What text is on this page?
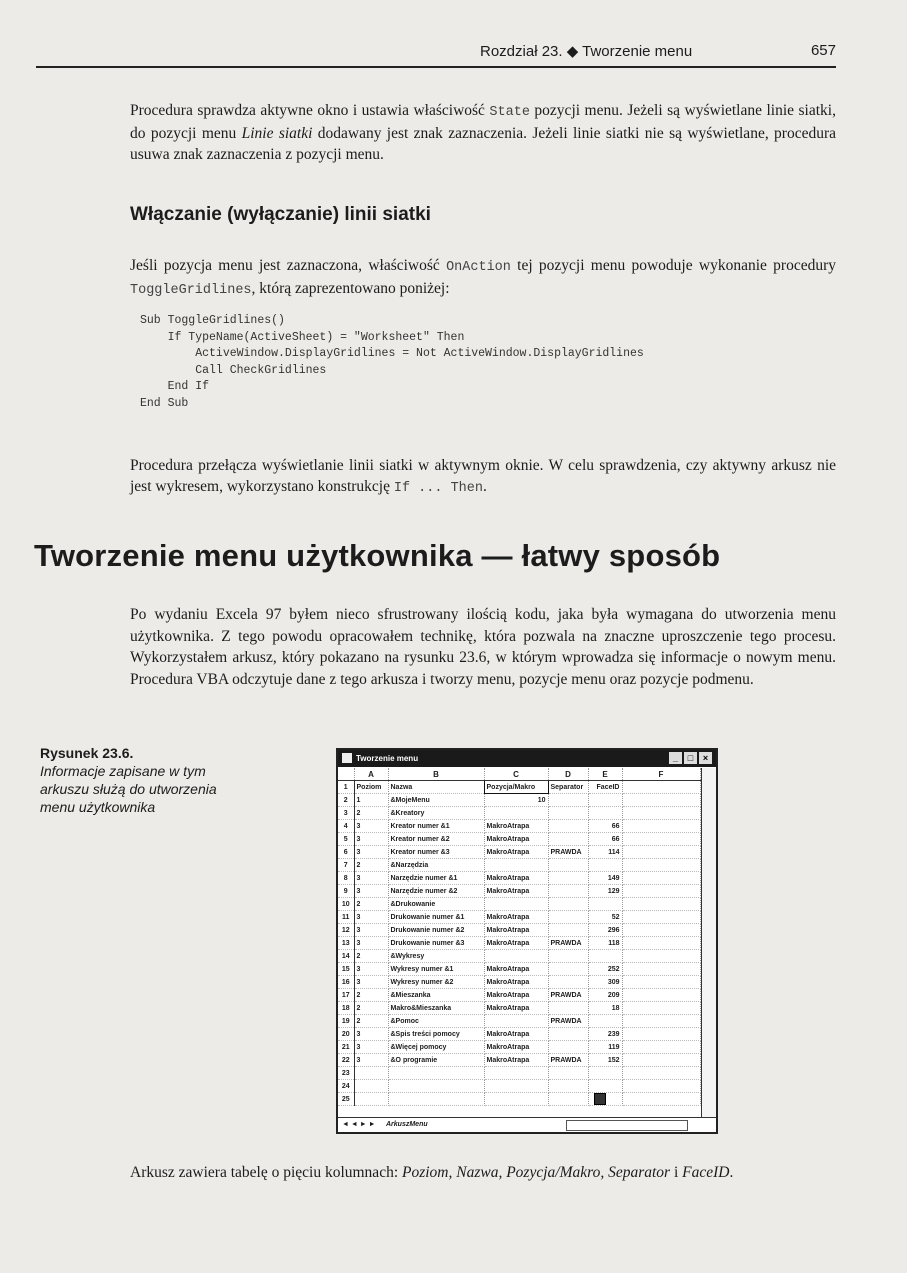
Rozdział 23. ◆ Tworzenie menu	657

Procedura sprawdza aktywne okno i ustawia właściwość State pozycji menu. Jeżeli są wyświetlane linie siatki, do pozycji menu Linie siatki dodawany jest znak zaznaczenia. Jeżeli linie siatki nie są wyświetlane, procedura usuwa znak zaznaczenia z pozycji menu.

Włączanie (wyłączanie) linii siatki

Jeśli pozycja menu jest zaznaczona, właściwość OnAction tej pozycji menu powoduje wykonanie procedury ToggleGridlines, którą zaprezentowano poniżej:

Sub ToggleGridlines()
If TypeName(ActiveSheet) = "Worksheet" Then
ActiveWindow.DisplayGridlines = Not ActiveWindow.DisplayGridlines
Call CheckGridlines
End If
End Sub

Procedura przełącza wyświetlanie linii siatki w aktywnym oknie. W celu sprawdzenia, czy aktywny arkusz nie jest wykresem, wykorzystano konstrukcję If ... Then.

Tworzenie menu użytkownika — łatwy sposób

Po wydaniu Excela 97 byłem nieco sfrustrowany ilością kodu, jaka była wymagana do utworzenia menu użytkownika. Z tego powodu opracowałem technikę, która pozwala na znaczne uproszczenie tego procesu. Wykorzystałem arkusz, który pokazano na rysunku 23.6, w którym wprowadza się informacje o nowym menu. Procedura VBA odczytuje dane z tego arkusza i tworzy menu, pozycje menu oraz pozycje podmenu.

Rysunek 23.6.
Informacje zapisane w tym arkuszu służą do utworzenia menu użytkownika
Tworzenie menu	_	□	×
	A	B	C	D	E	F
1	Poziom	Nazwa	Pozycja/Makro	Separator	FaceID	
2	1	&MojeMenu	10			
3	2	&Kreatory				
4	3	Kreator numer &1	MakroAtrapa		66	
5	3	Kreator numer &2	MakroAtrapa		66	
6	3	Kreator numer &3	MakroAtrapa	PRAWDA	114	
7	2	&Narzędzia				
8	3	Narzędzie numer &1	MakroAtrapa		149	
9	3	Narzędzie numer &2	MakroAtrapa		129	
10	2	&Drukowanie				
11	3	Drukowanie numer &1	MakroAtrapa		52	
12	3	Drukowanie numer &2	MakroAtrapa		296	
13	3	Drukowanie numer &3	MakroAtrapa	PRAWDA	118	
14	2	&Wykresy				
15	3	Wykresy numer &1	MakroAtrapa		252	
16	3	Wykresy numer &2	MakroAtrapa		309	
17	2	&Mieszanka	MakroAtrapa	PRAWDA	209	
18	2	Makro&Mieszanka	MakroAtrapa		18	
19	2	&Pomoc		PRAWDA		
20	3	&Spis treści pomocy	MakroAtrapa		239	
21	3	&Więcej pomocy	MakroAtrapa		119	
22	3	&O programie	MakroAtrapa	PRAWDA	152	
23						
24						
25						
◄ ◄ ► ► ArkuszMenu

Arkusz zawiera tabelę o pięciu kolumnach: Poziom, Nazwa, Pozycja/Makro, Separator i FaceID.
